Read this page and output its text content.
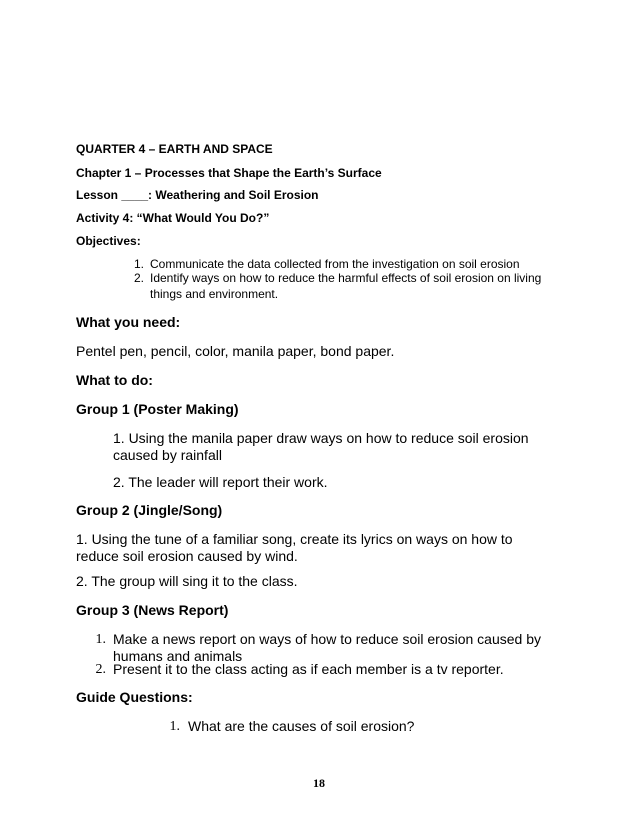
QUARTER 4 – EARTH AND SPACE
Chapter 1 – Processes that Shape the Earth’s Surface
Lesson ____: Weathering and Soil Erosion
Activity 4: “What Would You Do?”
Objectives:
1. Communicate the data collected from the investigation on soil erosion
2. Identify ways on how to reduce the harmful effects of soil erosion on living things and environment.
What you need:
Pentel pen, pencil, color, manila paper, bond paper.
What to do:
Group 1 (Poster Making)
1. Using the manila paper draw ways on how to reduce soil erosion caused by rainfall
2. The leader will report their work.
Group 2 (Jingle/Song)
1. Using the tune of a familiar song, create its lyrics on ways on how to reduce soil erosion caused by wind.
2. The group will sing it to the class.
Group 3 (News Report)
1. Make a news report on ways of how to reduce soil erosion caused by humans and animals
2. Present it to the class acting as if each member is a tv reporter.
Guide Questions:
1. What are the causes of soil erosion?
18
